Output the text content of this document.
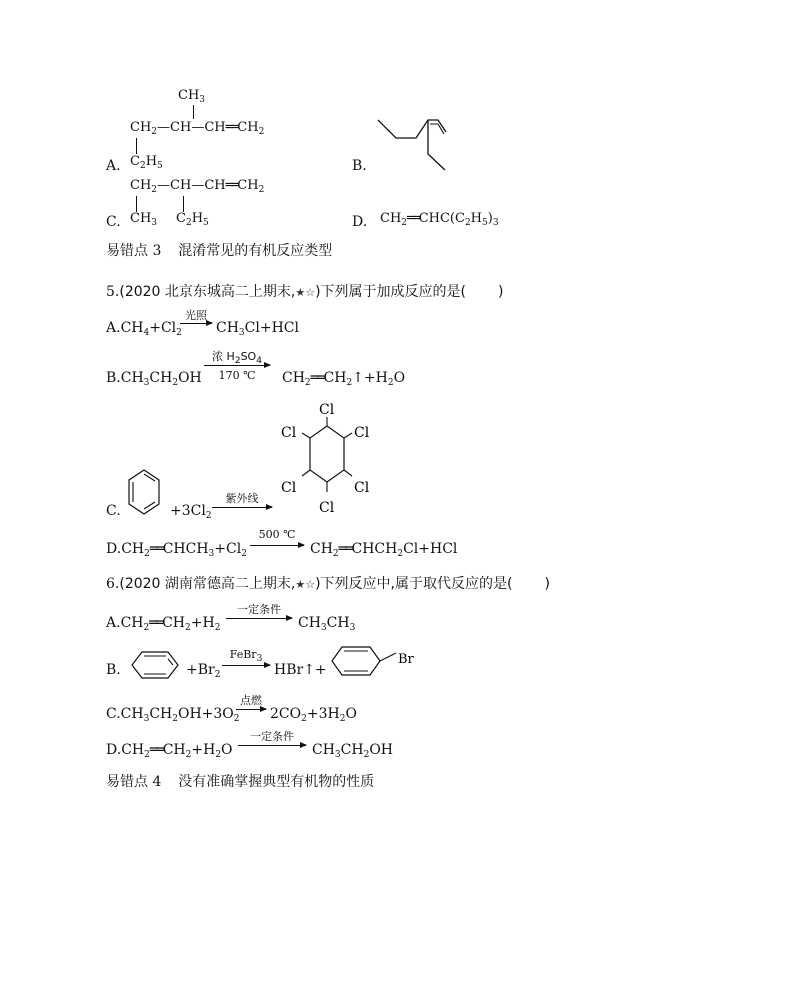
$CH_3$
$CH_2—CH—CH══CH_2$
A. $C_2H_5$	B.
$CH_2—CH—CH══CH_2$
C. $CH_3$ $C_2H_5$	D. $CH_2══CHC(C_2H_5)_3$
易错点 3 混淆常见的有机反应类型
5.(2020 北京东城高二上期末,★☆)下列属于加成反应的是( )
$A.CH_4+Cl_2$
光照
$CH_3Cl+HCl$
$B.CH_3CH_2OH$
浓 $H_2SO_4$
170 ℃	$CH_2══CH_2↑+H_2O$
C.	$+3Cl_2$
紫外线
Cl
Cl
Cl
Cl
Cl
Cl
$D.CH_2══CHCH_3+Cl_2$
500 ℃
$CH_2══CHCH_2Cl+HCl$
6.(2020 湖南常德高二上期末,★☆)下列反应中,属于取代反应的是( )
$A.CH_2══CH_2+H_2$
一定条件
$CH_3CH_3$
B.	$+Br_2$
FeBr$_3$
HBr↑+
Br
$C.CH_3CH_2OH+3O_2$
点燃
$2CO_2+3H_2O$
$D.CH_2══CH_2+H_2O$
一定条件
$CH_3CH_2OH$
易错点 4 没有准确掌握典型有机物的性质
